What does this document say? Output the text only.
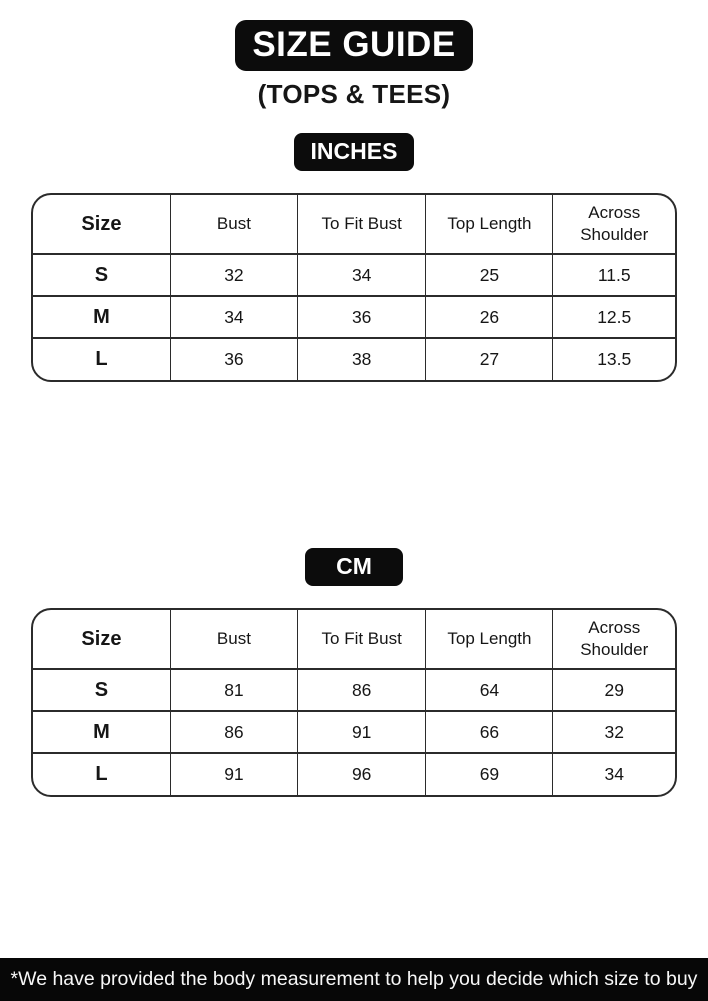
SIZE GUIDE
(TOPS & TEES)
INCHES
Size	Bust	To Fit Bust	Top Length	Across Shoulder
S	32	34	25	11.5
M	34	36	26	12.5
L	36	38	27	13.5
CM
Size	Bust	To Fit Bust	Top Length	Across Shoulder
S	81	86	64	29
M	86	91	66	32
L	91	96	69	34
*We have provided the body measurement to help you decide which size to buy
